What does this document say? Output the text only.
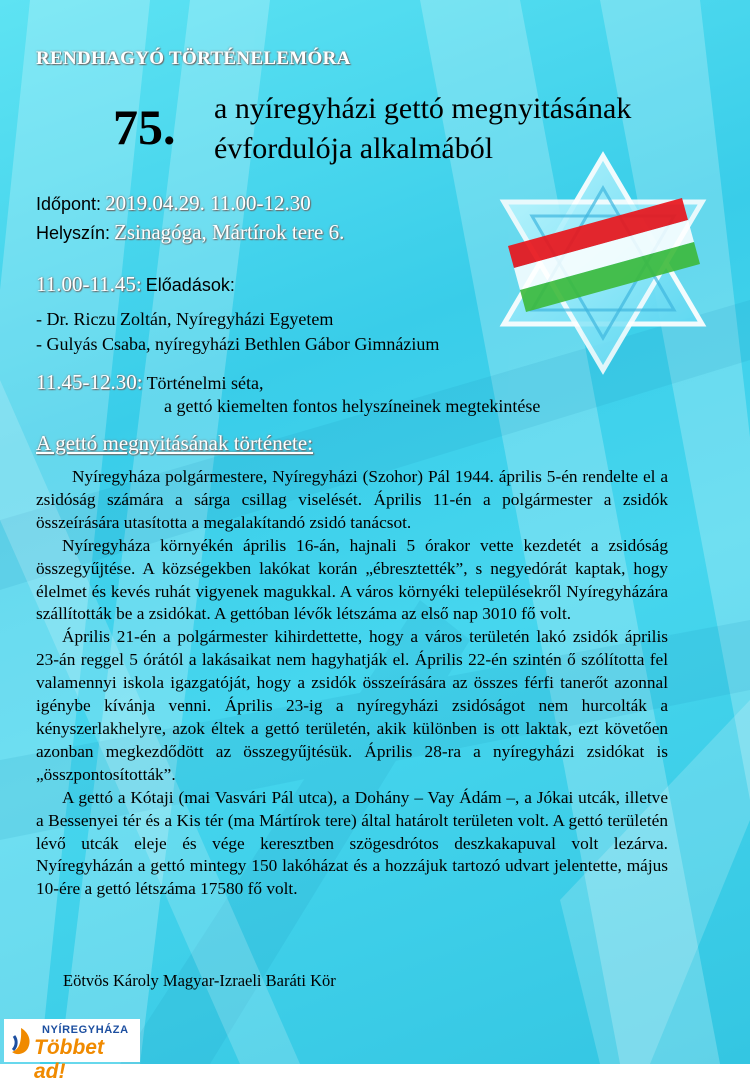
RENDHAGYÓ TÖRTÉNELEMÓRA
75. a nyíregyházi gettó megnyitásának
évfordulója alkalmából
Időpont: 2019.04.29. 11.00-12.30
Helyszín: Zsinagóga, Mártírok tere 6.
11.00-11.45: Előadások:
- Dr. Riczu Zoltán, Nyíregyházi Egyetem
- Gulyás Csaba, nyíregyházi Bethlen Gábor Gimnázium
11.45-12.30: Történelmi séta,
a gettó kiemelten fontos helyszíneinek megtekintése
A gettó megnyitásának története:

Nyíregyháza polgármestere, Nyíregyházi (Szohor) Pál 1944. április 5-én rendelte el a zsidóság számára a sárga csillag viselését. Április 11-én a polgármester a zsidók összeírására utasította a megalakítandó zsidó tanácsot.

Nyíregyháza környékén április 16-án, hajnali 5 órakor vette kezdetét a zsidóság összegyűjtése. A községekben lakókat korán „ébresztették”, s negyedórát kaptak, hogy élelmet és kevés ruhát vigyenek magukkal. A város környéki településekről Nyíregyházára szállították be a zsidókat. A gettóban lévők létszáma az első nap 3010 fő volt.

Április 21-én a polgármester kihirdettette, hogy a város területén lakó zsidók április 23-án reggel 5 órától a lakásaikat nem hagyhatják el. Április 22-én szintén ő szólította fel valamennyi iskola igazgatóját, hogy a zsidók összeírására az összes férfi tanerőt azonnal igénybe kívánja venni. Április 23-ig a nyíregyházi zsidóságot nem hurcolták a kényszerlakhelyre, azok éltek a gettó területén, akik különben is ott laktak, ezt követően azonban megkezdődött az összegyűjtésük. Április 28-ra a nyíregyházi zsidókat is „összpontosították”.

A gettó a Kótaji (mai Vasvári Pál utca), a Dohány – Vay Ádám –, a Jókai utcák, illetve a Bessenyei tér és a Kis tér (ma Mártírok tere) által határolt területen volt. A gettó területén lévő utcák eleje és vége keresztben szögesdrótos deszkakapuval volt lezárva. Nyíregyházán a gettó mintegy 150 lakóházat és a hozzájuk tartozó udvart jelentette, május 10-ére a gettó létszáma 17580 fő volt.

Eötvös Károly Magyar-Izraeli Baráti Kör
NYÍREGYHÁZA
Többet ad!
